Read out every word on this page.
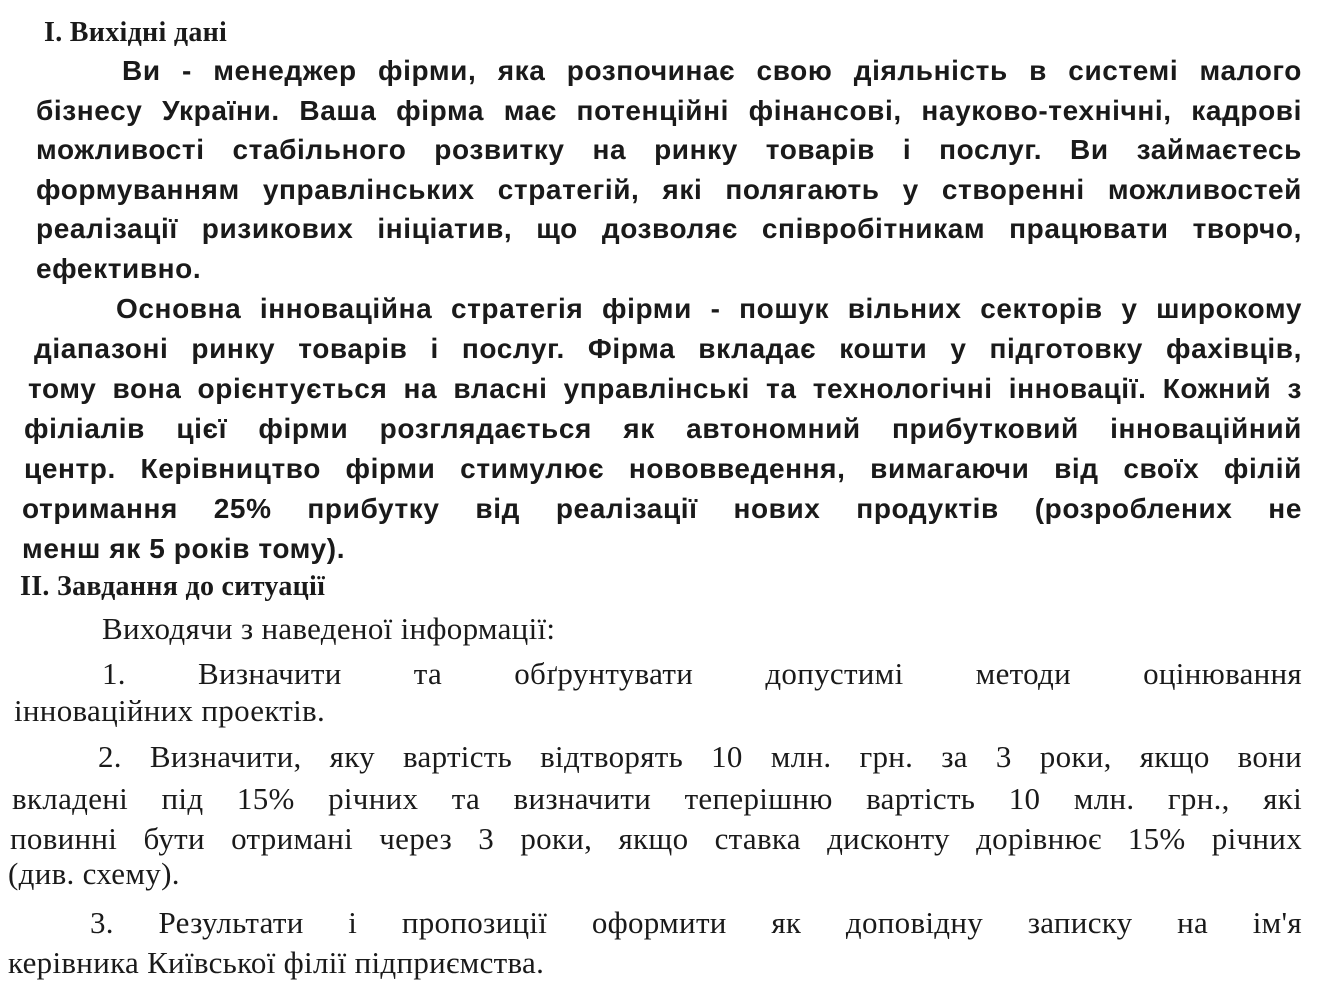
I. Вихідні дані
Ви - менеджер фірми, яка розпочинає свою діяльність в системі малого
бізнесу України. Ваша фірма має потенційні фінансові, науково-технічні, кадрові
можливості стабільного розвитку на ринку товарів і послуг. Ви займаєтесь
формуванням управлінських стратегій, які полягають у створенні можливостей
реалізації ризикових ініціатив, що дозволяє співробітникам працювати творчо,
ефективно.
Основна інноваційна стратегія фірми - пошук вільних секторів у широкому
діапазоні ринку товарів і послуг. Фірма вкладає кошти у підготовку фахівців,
тому вона орієнтується на власні управлінські та технологічні інновації. Кожний з
філіалів цієї фірми розглядається як автономний прибутковий інноваційний
центр. Керівництво фірми стимулює нововведення, вимагаючи від своїх філій
отримання 25% прибутку від реалізації нових продуктів (розроблених не
менш як 5 років тому).
II. Завдання до ситуації
Виходячи з наведеної інформації:
1. Визначити та обґрунтувати допустимі методи оцінювання
інноваційних проектів.
2. Визначити, яку вартість відтворять 10 млн. грн. за 3 роки, якщо вони
вкладені під 15% річних та визначити теперішню вартість 10 млн. грн., які
повинні бути отримані через 3 роки, якщо ставка дисконту дорівнює 15% річних
(див. схему).
3. Результати і пропозиції оформити як доповідну записку на ім'я
керівника Київської філії підприємства.
